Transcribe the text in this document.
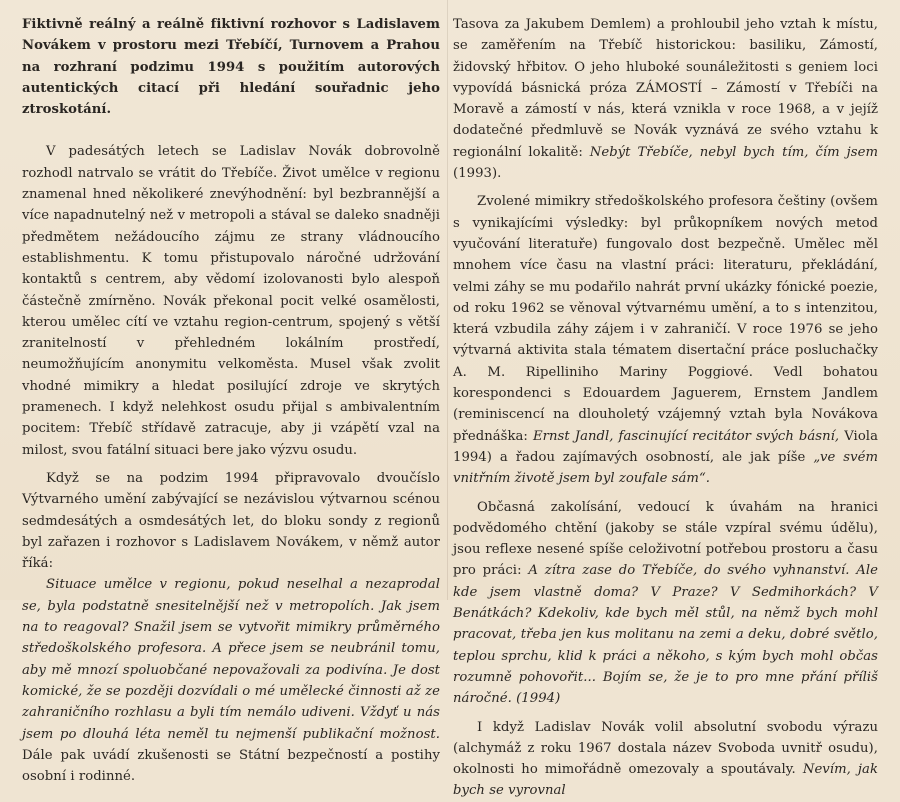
Fiktivně reálný a reálně fiktivní rozhovor s Ladislavem Novákem v prostoru mezi Třebíčí, Turnovem a Prahou na rozhraní podzimu 1994 s použitím autorových autentických citací při hledání souřadnic jeho ztroskotání.

V padesátých letech se Ladislav Novák dobrovolně rozhodl natrvalo se vrátit do Třebíče. Život umělce v regionu znamenal hned několikeré znevýhodnění: byl bezbrannější a více napadnutelný než v metropoli a stával se daleko snadněji předmětem nežádoucího zájmu ze strany vládnoucího establishmentu. K tomu přistupovalo náročné udržování kontaktů s centrem, aby vědomí izolovanosti bylo alespoň částečně zmírněno. Novák překonal pocit velké osamělosti, kterou umělec cítí ve vztahu region-centrum, spojený s větší zranitelností v přehledném lokálním prostředí, neumožňujícím anonymitu velkoměsta. Musel však zvolit vhodné mimikry a hledat posilující zdroje ve skrytých pramenech. I když nelehkost osudu přijal s ambivalentním pocitem: Třebíč střídavě zatracuje, aby ji vzápětí vzal na milost, svou fatální situaci bere jako výzvu osudu.

Když se na podzim 1994 připravovalo dvoučíslo Výtvarného umění zabývající se nezávislou výtvarnou scénou sedmdesátých a osmdesátých let, do bloku sondy z regionů byl zařazen i rozhovor s Ladislavem Novákem, v němž autor říká:

Situace umělce v regionu, pokud neselhal a nezaprodal se, byla podstatně snesitelnější než v metropolích. Jak jsem na to reagoval? Snažil jsem se vytvořit mimikry průměrného středoškolského profesora. A přece jsem se neubránil tomu, aby mě mnozí spoluobčané nepovažovali za podivína. Je dost komické, že se později dozvídali o mé umělecké činnosti až ze zahraničního rozhlasu a byli tím nemálo udiveni. Vždyť u nás jsem po dlouhá léta neměl tu nejmenší publikační možnost. Dále pak uvádí zkušenosti se Státní bezpečností a postihy osobní i rodinné.

Tasova za Jakubem Demlem) a prohloubil jeho vztah k místu, se zaměřením na Třebíč historickou: basiliku, Zámostí, židovský hřbitov. O jeho hluboké sounáležitosti s geniem loci vypovídá básnická próza ZÁMOSTÍ – Zámostí v Třebíči na Moravě a zámostí v nás, která vznikla v roce 1968, a v jejíž dodatečné předmluvě se Novák vyznává ze svého vztahu k regionální lokalitě: Nebýt Třebíče, nebyl bych tím, čím jsem (1993).

Zvolené mimikry středoškolského profesora češtiny (ovšem s vynikajícími výsledky: byl průkopníkem nových metod vyučování literatuře) fungovalo dost bezpečně. Umělec měl mnohem více času na vlastní práci: literaturu, překládání, velmi záhy se mu podařilo nahrát první ukázky fónické poezie, od roku 1962 se věnoval výtvarnému umění, a to s intenzitou, která vzbudila záhy zájem i v zahraničí. V roce 1976 se jeho výtvarná aktivita stala tématem disertační práce posluchačky A. M. Ripelliniho Mariny Poggiové. Vedl bohatou korespondenci s Edouardem Jaguerem, Ernstem Jandlem (reminiscencí na dlouholetý vzájemný vztah byla Novákova přednáška: Ernst Jandl, fascinující recitátor svých básní, Viola 1994) a řadou zajímavých osobností, ale jak píše „ve svém vnitřním životě jsem byl zoufale sám“.

Občasná zakolísání, vedoucí k úvahám na hranici podvědomého chtění (jakoby se stále vzpíral svému údělu), jsou reflexe nesené spíše celoživotní potřebou prostoru a času pro práci: A zítra zase do Třebíče, do svého vyhnanství. Ale kde jsem vlastně doma? V Praze? V Sedmihorkách? V Benátkách? Kdekoliv, kde bych měl stůl, na němž bych mohl pracovat, třeba jen kus molitanu na zemi a deku, dobré světlo, teplou sprchu, klid k práci a někoho, s kým bych mohl občas rozumně pohovořit... Bojím se, že je to pro mne přání příliš náročné. (1994)

I když Ladislav Novák volil absolutní svobodu výrazu (alchymáž z roku 1967 dostala název Svoboda uvnitř osudu), okolnosti ho mimořádně omezovaly a spoutávaly. Nevím, jak bych se vyrovnal
